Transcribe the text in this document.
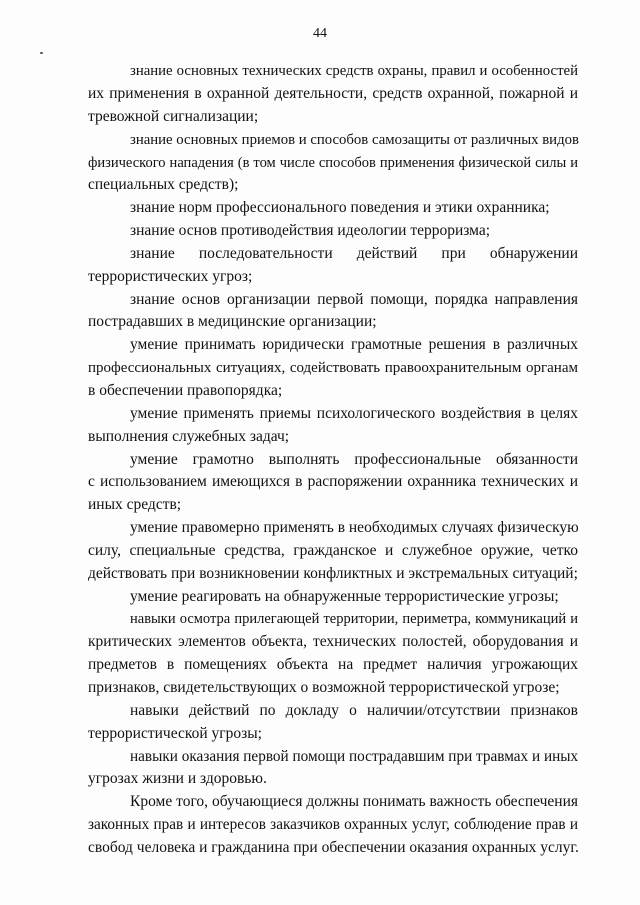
44
знание основных технических средств охраны, правил и особенностей
их применения в охранной деятельности, средств охранной, пожарной и
тревожной сигнализации;
знание основных приемов и способов самозащиты от различных видов
физического нападения (в том числе способов применения физической силы и
специальных средств);
знание норм профессионального поведения и этики охранника;
знание основ противодействия идеологии терроризма;
знание последовательности действий при обнаружении
террористических угроз;
знание основ организации первой помощи, порядка направления
пострадавших в медицинские организации;
умение принимать юридически грамотные решения в различных
профессиональных ситуациях, содействовать правоохранительным органам
в обеспечении правопорядка;
умение применять приемы психологического воздействия в целях
выполнения служебных задач;
умение грамотно выполнять профессиональные обязанности
с использованием имеющихся в распоряжении охранника технических и
иных средств;
умение правомерно применять в необходимых случаях физическую
силу, специальные средства, гражданское и служебное оружие, четко
действовать при возникновении конфликтных и экстремальных ситуаций;
умение реагировать на обнаруженные террористические угрозы;
навыки осмотра прилегающей территории, периметра, коммуникаций и
критических элементов объекта, технических полостей, оборудования и
предметов в помещениях объекта на предмет наличия угрожающих
признаков, свидетельствующих о возможной террористической угрозе;
навыки действий по докладу о наличии/отсутствии признаков
террористической угрозы;
навыки оказания первой помощи пострадавшим при травмах и иных
угрозах жизни и здоровью.
Кроме того, обучающиеся должны понимать важность обеспечения
законных прав и интересов заказчиков охранных услуг, соблюдение прав и
свобод человека и гражданина при обеспечении оказания охранных услуг.
